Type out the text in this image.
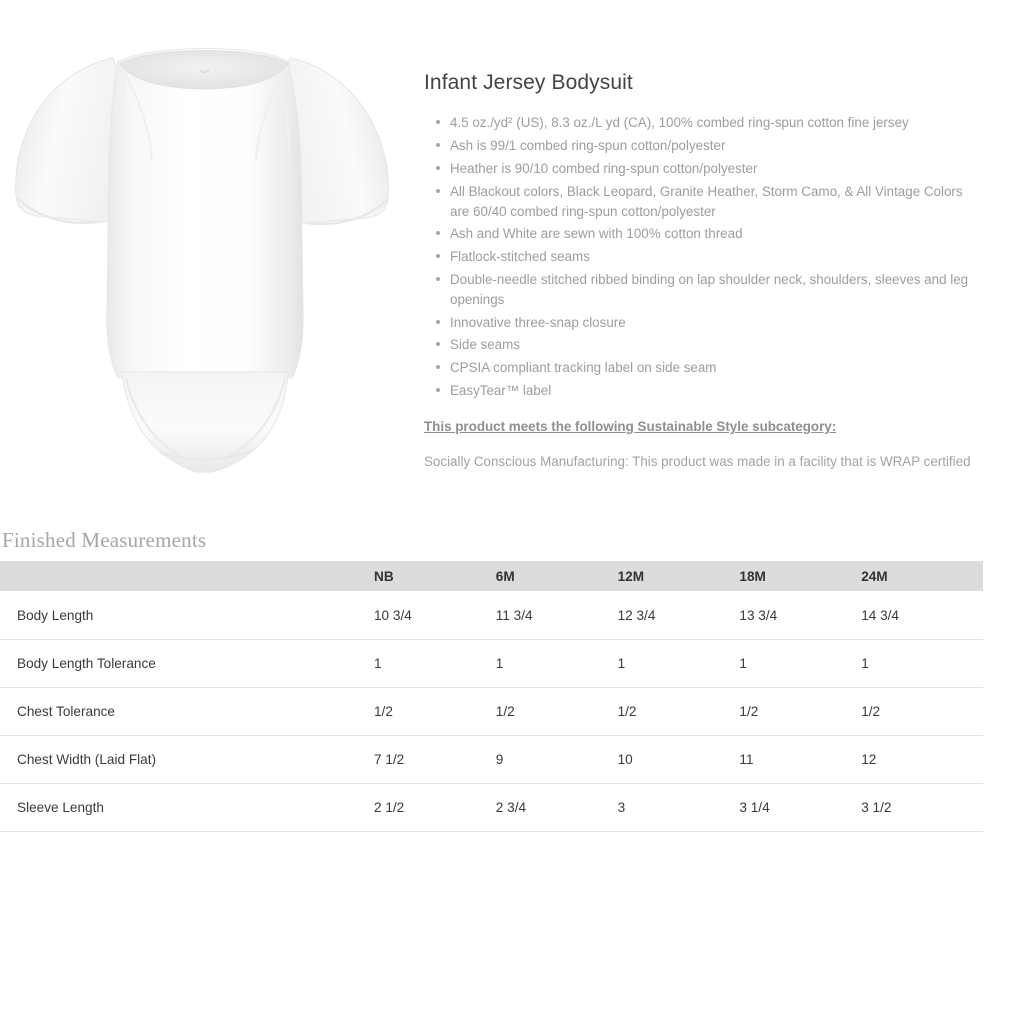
Infant Jersey Bodysuit
4.5 oz./yd² (US), 8.3 oz./L yd (CA), 100% combed ring-spun cotton fine jersey
Ash is 99/1 combed ring-spun cotton/polyester
Heather is 90/10 combed ring-spun cotton/polyester
All Blackout colors, Black Leopard, Granite Heather, Storm Camo, & All Vintage Colors are 60/40 combed ring-spun cotton/polyester
Ash and White are sewn with 100% cotton thread
Flatlock-stitched seams
Double-needle stitched ribbed binding on lap shoulder neck, shoulders, sleeves and leg openings
Innovative three-snap closure
Side seams
CPSIA compliant tracking label on side seam
EasyTear™ label
This product meets the following Sustainable Style subcategory:
Socially Conscious Manufacturing: This product was made in a facility that is WRAP certified
Finished Measurements
	NB	6M	12M	18M	24M
Body Length	10 3/4	11 3/4	12 3/4	13 3/4	14 3/4
Body Length Tolerance	1	1	1	1	1
Chest Tolerance	1/2	1/2	1/2	1/2	1/2
Chest Width (Laid Flat)	7 1/2	9	10	11	12
Sleeve Length	2 1/2	2 3/4	3	3 1/4	3 1/2
